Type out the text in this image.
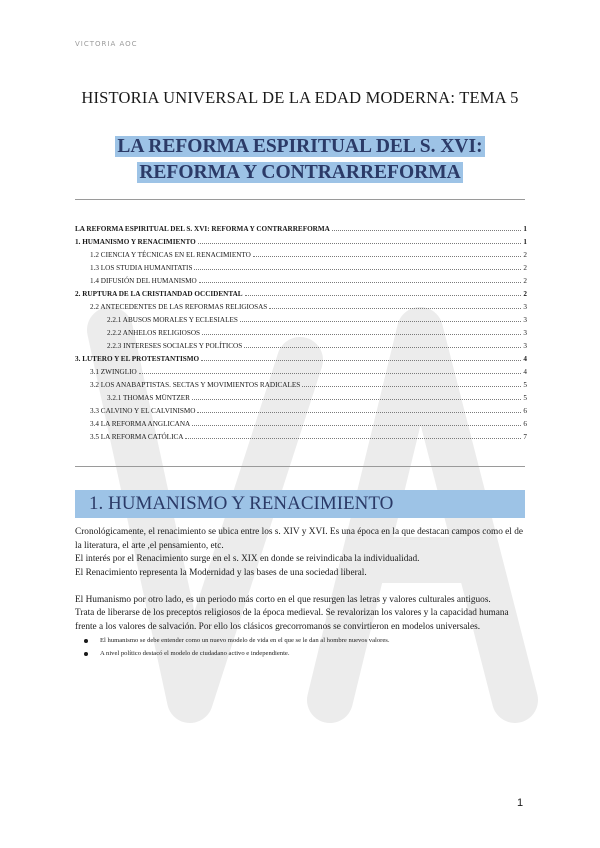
VICTORIA AOC
HISTORIA UNIVERSAL DE LA EDAD MODERNA: TEMA 5
LA REFORMA ESPIRITUAL DEL S. XVI: REFORMA Y CONTRARREFORMA
LA REFORMA ESPIRITUAL DEL S. XVI: REFORMA Y CONTRARREFORMA	1
1. HUMANISMO Y RENACIMIENTO	1
1.2 CIENCIA Y TÉCNICAS EN EL RENACIMIENTO	2
1.3 LOS STUDIA HUMANITATIS	2
1.4 DIFUSIÓN DEL HUMANISMO	2
2. RUPTURA DE LA CRISTIANDAD OCCIDENTAL	2
2.2 ANTECEDENTES DE LAS REFORMAS RELIGIOSAS	3
2.2.1 ABUSOS MORALES Y ECLESIALES	3
2.2.2 ANHELOS RELIGIOSOS	3
2.2.3 INTERESES SOCIALES Y POLÍTICOS	3
3. LUTERO Y EL PROTESTANTISMO	4
3.1 ZWINGLIO	4
3.2 LOS ANABAPTISTAS. SECTAS Y MOVIMIENTOS RADICALES	5
3.2.1 THOMAS MÜNTZER	5
3.3 CALVINO Y EL CALVINISMO	6
3.4 LA REFORMA ANGLICANA	6
3.5 LA REFORMA CATÓLICA	7
1. HUMANISMO Y RENACIMIENTO

Cronológicamente, el renacimiento se ubica entre los s. XIV y XVI. Es una época en la que destacan campos como el de la literatura, el arte ,el pensamiento, etc.

El interés por el Renacimiento surge en el s. XIX en donde se reivindicaba la individualidad.

El Renacimiento representa la Modernidad y las bases de una sociedad liberal.

El Humanismo por otro lado, es un periodo más corto en el que resurgen las letras y valores culturales antiguos.

Trata de liberarse de los preceptos religiosos de la época medieval. Se revalorizan los valores y la capacidad humana frente a los valores de salvación. Por ello los clásicos grecorromanos se convirtieron en modelos universales.

El humanismo se debe entender como un nuevo modelo de vida en el que se le dan al hombre nuevos valores.
A nivel político destacó el modelo de ciudadano activo e independiente.
1
